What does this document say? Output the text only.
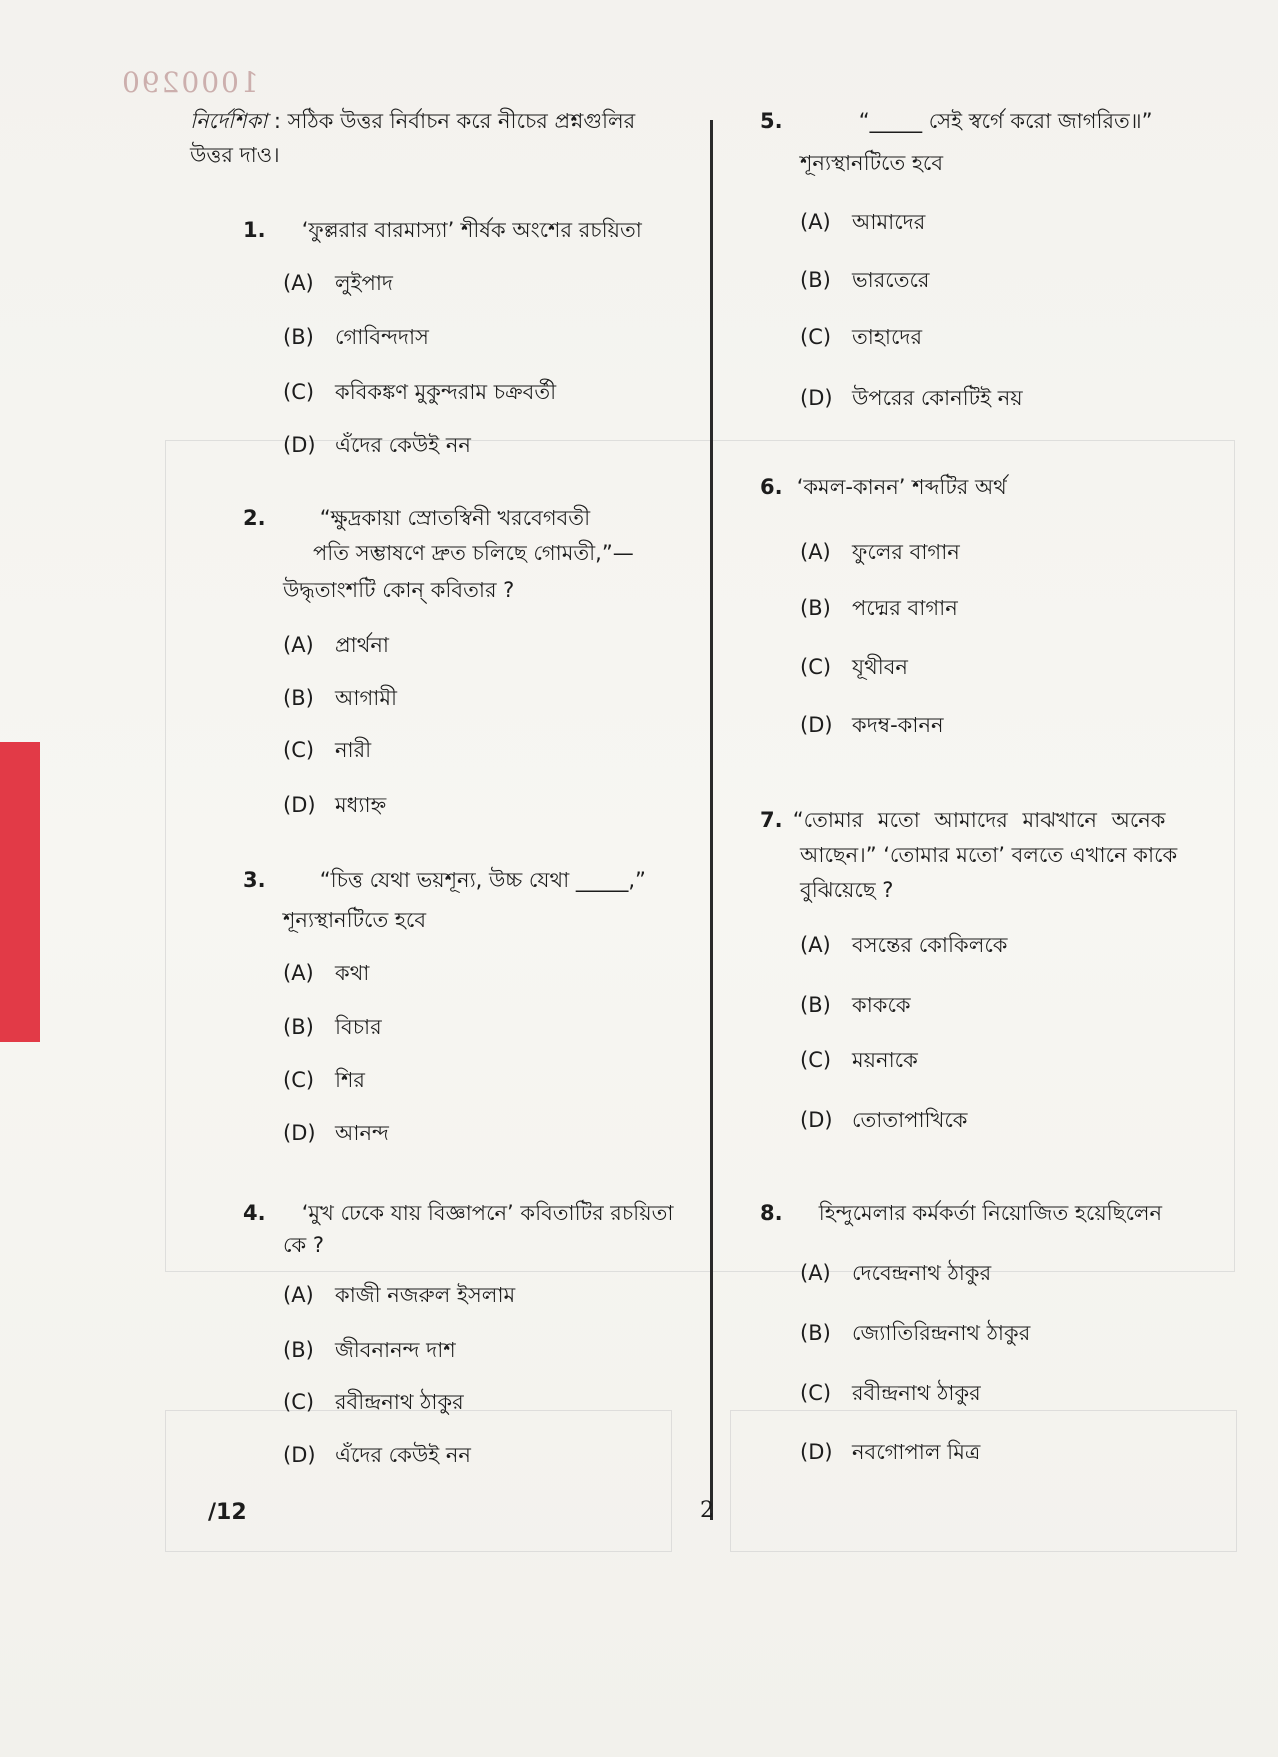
1000290
নির্দেশিকা : সঠিক উত্তর নির্বাচন করে নীচের প্রশ্নগুলির
উত্তর দাও।
1. ‘ফুল্লরার বারমাস্যা’ শীর্ষক অংশের রচয়িতা
(A) লুইপাদ
(B) গোবিন্দদাস
(C) কবিকঙ্কণ মুকুন্দরাম চক্রবর্তী
(D) এঁদের কেউই নন
2.	“ক্ষুদ্রকায়া স্রোতস্বিনী খরবেগবতী
পতি সম্ভাষণে দ্রুত চলিছে গোমতী,”—
উদ্ধৃতাংশটি কোন্ কবিতার ?
(A) প্রার্থনা
(B) আগামী
(C) নারী
(D) মধ্যাহ্ন
3.	“চিত্ত যেথা ভয়শূন্য, উচ্চ যেথা _____,”
শূন্যস্থানটিতে হবে
(A) কথা
(B) বিচার
(C) শির
(D) আনন্দ
4. ‘মুখ ঢেকে যায় বিজ্ঞাপনে’ কবিতাটির রচয়িতা
কে ?
(A) কাজী নজরুল ইসলাম
(B) জীবনানন্দ দাশ
(C) রবীন্দ্রনাথ ঠাকুর
(D) এঁদের কেউই নন
5.	“_____ সেই স্বর্গে করো জাগরিত॥”
শূন্যস্থানটিতে হবে
(A) আমাদের
(B) ভারতেরে
(C) তাহাদের
(D) উপরের কোনটিই নয়
6. ‘কমল-কানন’ শব্দটির অর্থ
(A) ফুলের বাগান
(B) পদ্মের বাগান
(C) যূথীবন
(D) কদম্ব-কানন
7. “তোমার মতো আমাদের মাঝখানে অনেক
আছেন।” ‘তোমার মতো’ বলতে এখানে কাকে
বুঝিয়েছে ?
(A) বসন্তের কোকিলকে
(B) কাককে
(C) ময়নাকে
(D) তোতাপাখিকে
8. হিন্দুমেলার কর্মকর্তা নিয়োজিত হয়েছিলেন
(A) দেবেন্দ্রনাথ ঠাকুর
(B) জ্যোতিরিন্দ্রনাথ ঠাকুর
(C) রবীন্দ্রনাথ ঠাকুর
(D) নবগোপাল মিত্র
/12	2
